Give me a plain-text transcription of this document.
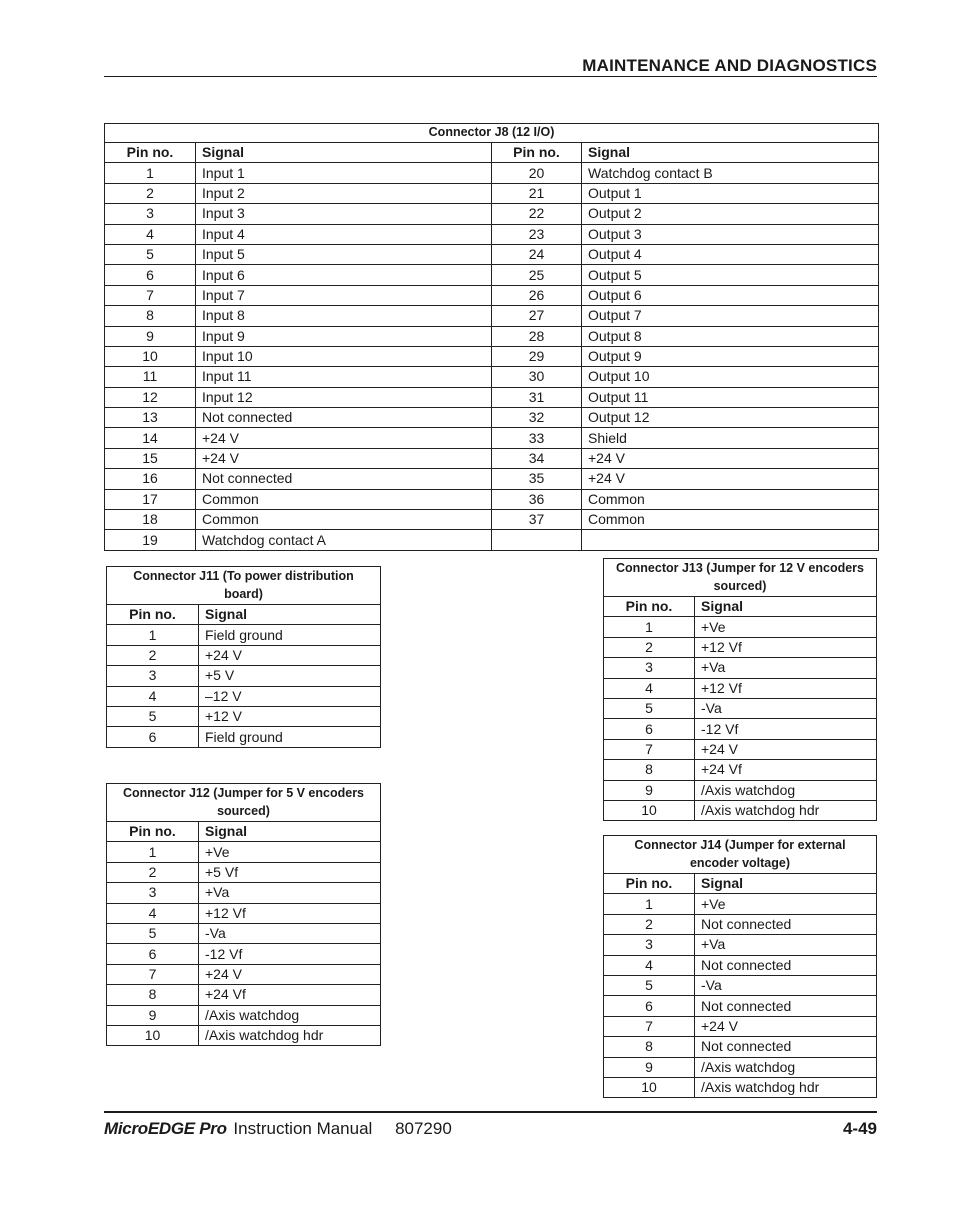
MAINTENANCE AND DIAGNOSTICS
Connector J8 (12 I/O)			
Pin no.	Signal	Pin no.	Signal
1	Input 1	20	Watchdog contact B
2	Input 2	21	Output 1
3	Input 3	22	Output 2
4	Input 4	23	Output 3
5	Input 5	24	Output 4
6	Input 6	25	Output 5
7	Input 7	26	Output 6
8	Input 8	27	Output 7
9	Input 9	28	Output 8
10	Input 10	29	Output 9
11	Input 11	30	Output 10
12	Input 12	31	Output 11
13	Not connected	32	Output 12
14	+24 V	33	Shield
15	+24 V	34	+24 V
16	Not connected	35	+24 V
17	Common	36	Common
18	Common	37	Common
19	Watchdog contact A		
Connector J11 (To power distribution board)	
Pin no.	Signal
1	Field ground
2	+24 V
3	+5 V
4	–12 V
5	+12 V
6	Field ground
Connector J12 (Jumper for 5 V encoders sourced)	
Pin no.	Signal
1	+Ve
2	+5 Vf
3	+Va
4	+12 Vf
5	-Va
6	-12 Vf
7	+24 V
8	+24 Vf
9	/Axis watchdog
10	/Axis watchdog hdr
Connector J13 (Jumper for 12 V encoders sourced)	
Pin no.	Signal
1	+Ve
2	+12 Vf
3	+Va
4	+12 Vf
5	-Va
6	-12 Vf
7	+24 V
8	+24 Vf
9	/Axis watchdog
10	/Axis watchdog hdr
Connector J14 (Jumper for external encoder voltage)	
Pin no.	Signal
1	+Ve
2	Not connected
3	+Va
4	Not connected
5	-Va
6	Not connected
7	+24 V
8	Not connected
9	/Axis watchdog
10	/Axis watchdog hdr
MicroEDGE Pro Instruction Manual 807290	4-49
